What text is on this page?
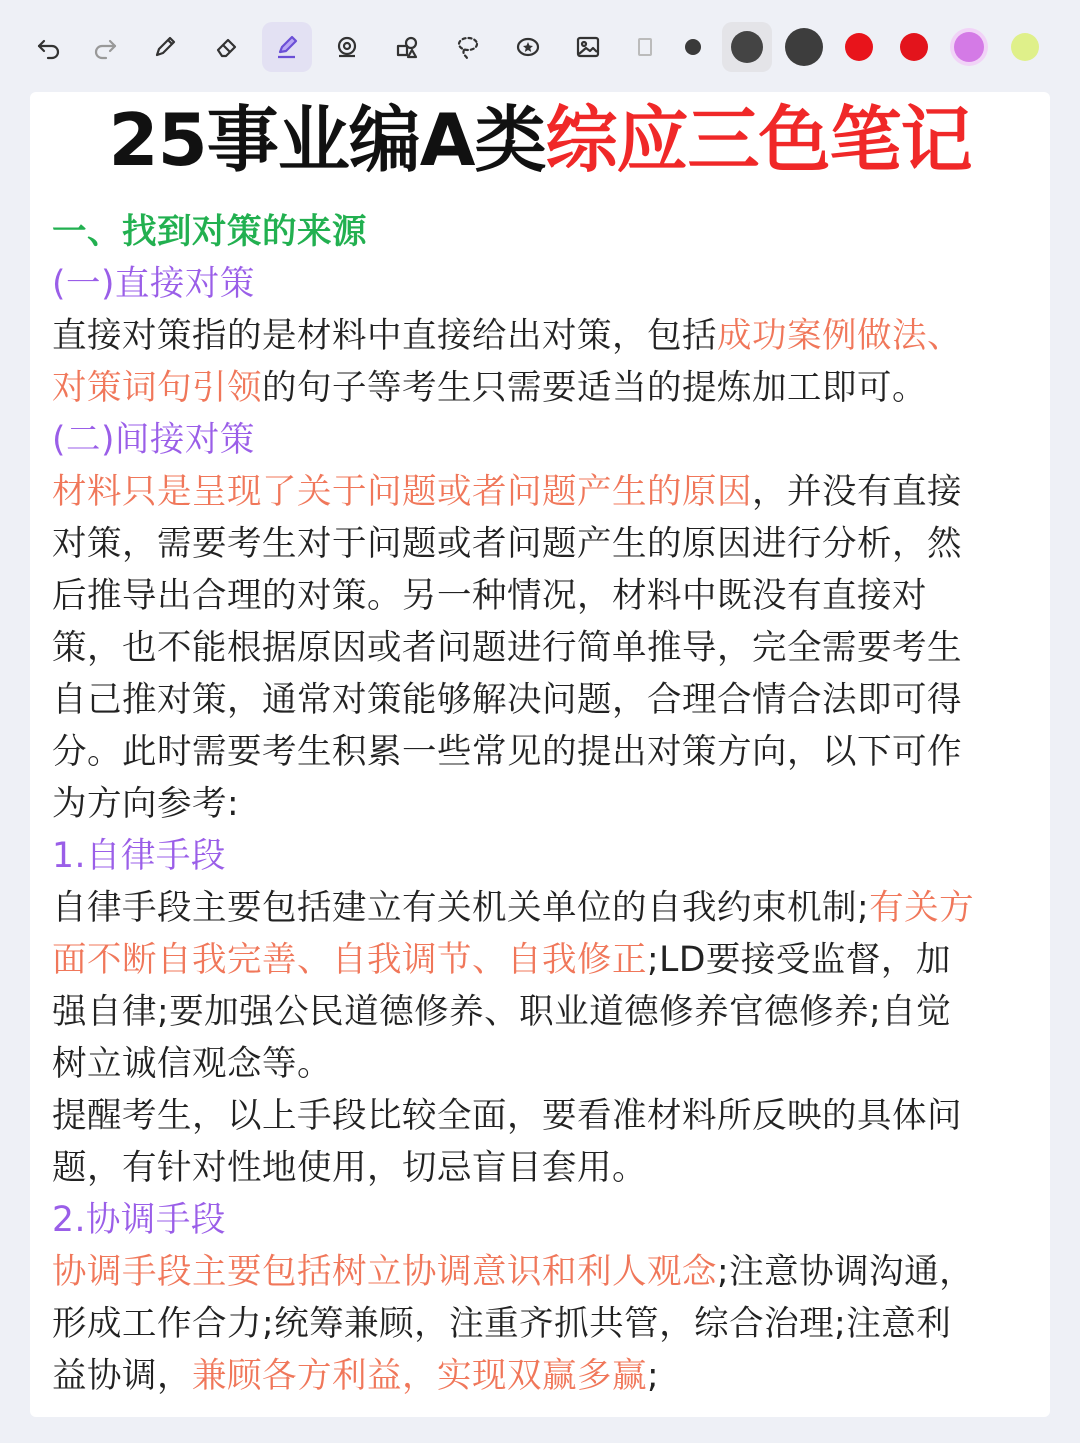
25事业编A类综应三色笔记
一、找到对策的来源
(一)直接对策
直接对策指的是材料中直接给出对策，包括成功案例做法、
对策词句引领的句子等考生只需要适当的提炼加工即可。
(二)间接对策
材料只是呈现了关于问题或者问题产生的原因，并没有直接
对策，需要考生对于问题或者问题产生的原因进行分析，然
后推导出合理的对策。另一种情况，材料中既没有直接对
策，也不能根据原因或者问题进行简单推导，完全需要考生
自己推对策，通常对策能够解决问题，合理合情合法即可得
分。此时需要考生积累一些常见的提出对策方向，以下可作
为方向参考:
1.自律手段
自律手段主要包括建立有关机关单位的自我约束机制;有关方
面不断自我完善、自我调节、自我修正;LD要接受监督，加
强自律;要加强公民道德修养、职业道德修养官德修养;自觉
树立诚信观念等。
提醒考生，以上手段比较全面，要看准材料所反映的具体问
题，有针对性地使用，切忌盲目套用。
2.协调手段
协调手段主要包括树立协调意识和利人观念;注意协调沟通，
形成工作合力;统筹兼顾，注重齐抓共管，综合治理;注意利
益协调，兼顾各方利益，实现双赢多赢;
